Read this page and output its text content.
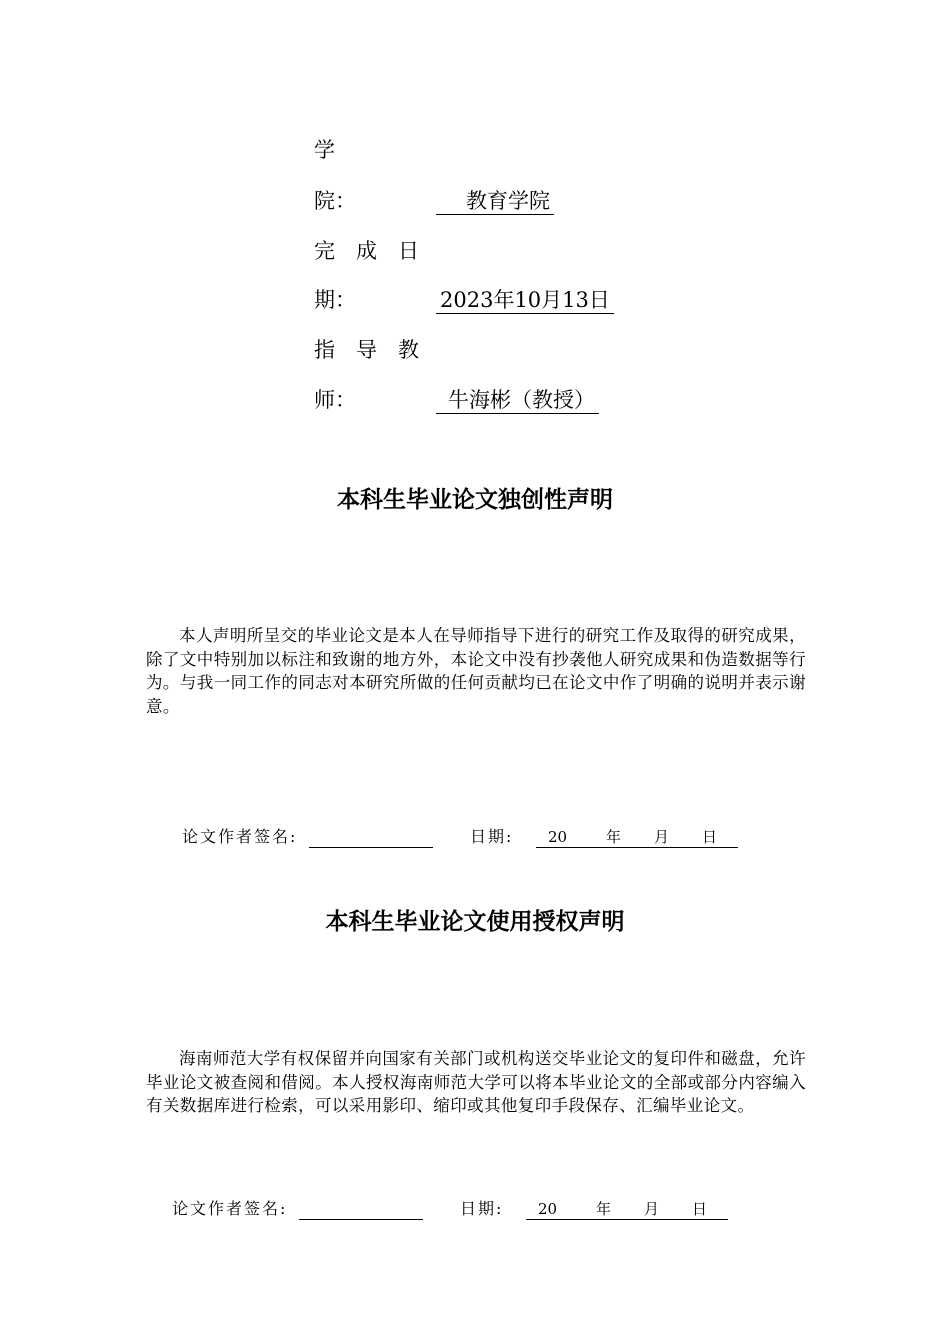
学
院：	教育学院
完　成　日
期：	2023年10月13日
指　导　教
师：	牛海彬（教授）
本科生毕业论文独创性声明
本人声明所呈交的毕业论文是本人在导师指导下进行的研究工作及取得的研究成果，除了文中特别加以标注和致谢的地方外，本论文中没有抄袭他人研究成果和伪造数据等行为。与我一同工作的同志对本研究所做的任何贡献均已在论文中作了明确的说明并表示谢意。
论文作者签名:	日期: 20	年 月 日
本科生毕业论文使用授权声明
海南师范大学有权保留并向国家有关部门或机构送交毕业论文的复印件和磁盘，允许毕业论文被查阅和借阅。本人授权海南师范大学可以将本毕业论文的全部或部分内容编入有关数据库进行检索，可以采用影印、缩印或其他复印手段保存、汇编毕业论文。
论文作者签名:	日期: 20	年 月 日
